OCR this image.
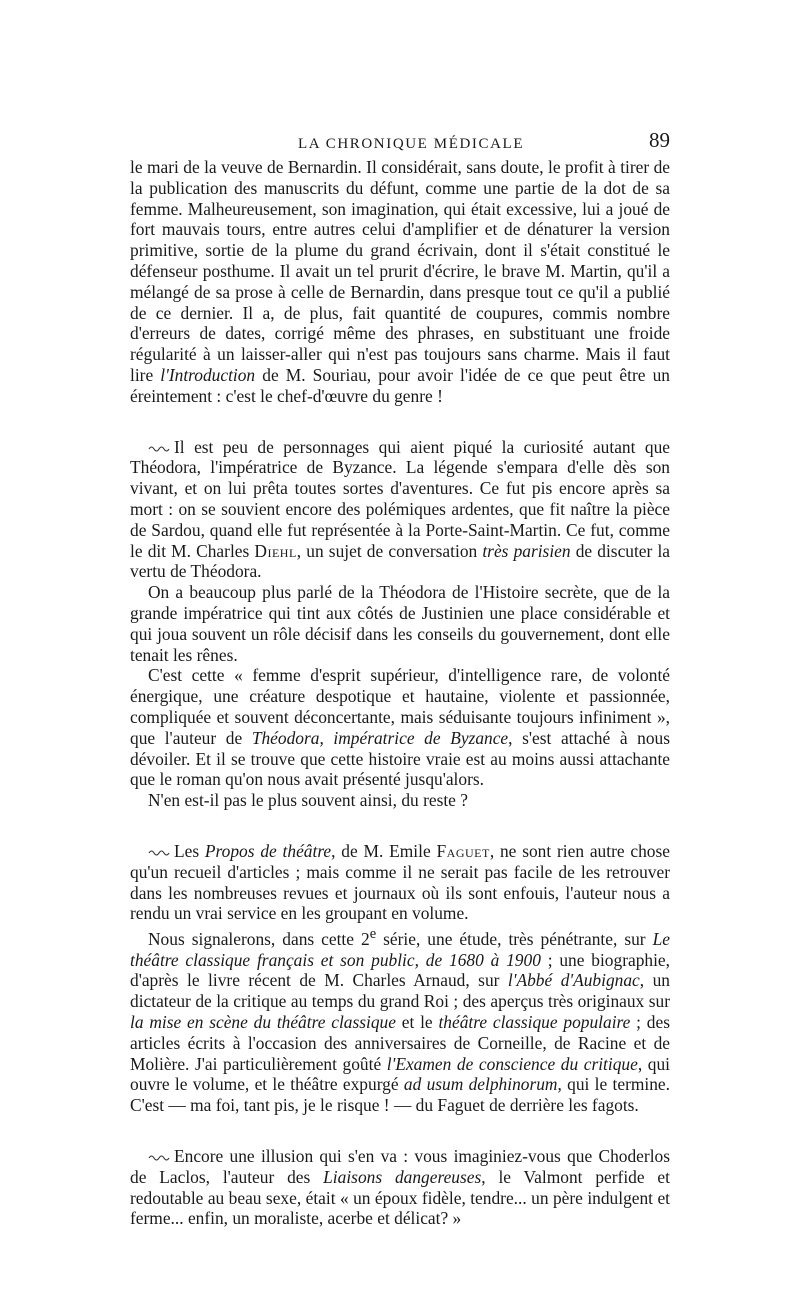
LA CHRONIQUE MÉDICALE	89

le mari de la veuve de Bernardin. Il considérait, sans doute, le profit à tirer de la publication des manuscrits du défunt, comme une partie de la dot de sa femme. Malheureusement, son imagination, qui était excessive, lui a joué de fort mauvais tours, entre autres celui d'amplifier et de dénaturer la version primitive, sortie de la plume du grand écrivain, dont il s'était constitué le défenseur posthume. Il avait un tel prurit d'écrire, le brave M. Martin, qu'il a mélangé de sa prose à celle de Bernardin, dans presque tout ce qu'il a publié de ce dernier. Il a, de plus, fait quantité de coupures, commis nombre d'erreurs de dates, corrigé même des phrases, en substituant une froide régularité à un laisser-aller qui n'est pas toujours sans charme. Mais il faut lire l'Introduction de M. Souriau, pour avoir l'idée de ce que peut être un éreintement : c'est le chef-d'œuvre du genre !

Il est peu de personnages qui aient piqué la curiosité autant que Théodora, l'impératrice de Byzance. La légende s'empara d'elle dès son vivant, et on lui prêta toutes sortes d'aventures. Ce fut pis encore après sa mort : on se souvient encore des polémiques ardentes, que fit naître la pièce de Sardou, quand elle fut représentée à la Porte-Saint-Martin. Ce fut, comme le dit M. Charles Diehl, un sujet de conversation très parisien de discuter la vertu de Théodora.

On a beaucoup plus parlé de la Théodora de l'Histoire secrète, que de la grande impératrice qui tint aux côtés de Justinien une place considérable et qui joua souvent un rôle décisif dans les conseils du gouvernement, dont elle tenait les rênes.

C'est cette « femme d'esprit supérieur, d'intelligence rare, de volonté énergique, une créature despotique et hautaine, violente et passionnée, compliquée et souvent déconcertante, mais séduisante toujours infiniment », que l'auteur de Théodora, impératrice de Byzance, s'est attaché à nous dévoiler. Et il se trouve que cette histoire vraie est au moins aussi attachante que le roman qu'on nous avait présenté jusqu'alors.

N'en est-il pas le plus souvent ainsi, du reste ?

Les Propos de théâtre, de M. Emile Faguet, ne sont rien autre chose qu'un recueil d'articles ; mais comme il ne serait pas facile de les retrouver dans les nombreuses revues et journaux où ils sont enfouis, l'auteur nous a rendu un vrai service en les groupant en volume.

Nous signalerons, dans cette 2e série, une étude, très pénétrante, sur Le théâtre classique français et son public, de 1680 à 1900 ; une biographie, d'après le livre récent de M. Charles Arnaud, sur l'Abbé d'Aubignac, un dictateur de la critique au temps du grand Roi ; des aperçus très originaux sur la mise en scène du théâtre classique et le théâtre classique populaire ; des articles écrits à l'occasion des anniversaires de Corneille, de Racine et de Molière. J'ai particulièrement goûté l'Examen de conscience du critique, qui ouvre le volume, et le théâtre expurgé ad usum delphinorum, qui le termine. C'est — ma foi, tant pis, je le risque ! — du Faguet de derrière les fagots.

Encore une illusion qui s'en va : vous imaginiez-vous que Choderlos de Laclos, l'auteur des Liaisons dangereuses, le Valmont perfide et redoutable au beau sexe, était « un époux fidèle, tendre... un père indulgent et ferme... enfin, un moraliste, acerbe et délicat? »
